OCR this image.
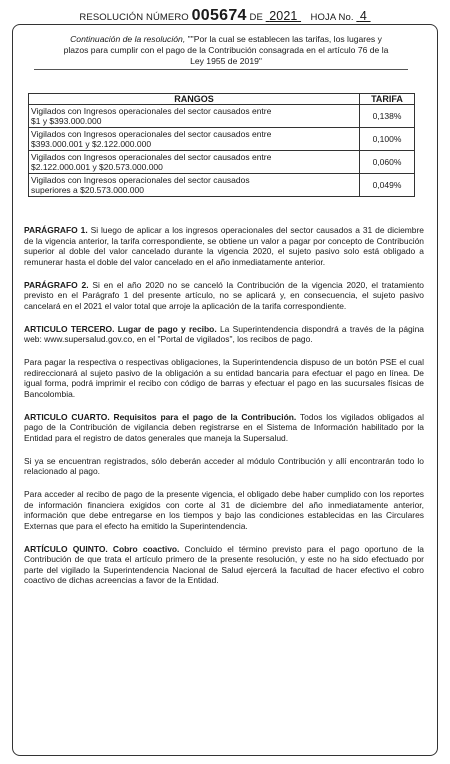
RESOLUCIÓN NÚMERO 005674 DE 2021 HOJA No. 4
Continuación de la resolución, ""Por la cual se establecen las tarifas, los lugares y
plazos para cumplir con el pago de la Contribución consagrada en el artículo 76 de la
Ley 1955 de 2019"
RANGOS	TARIFA
Vigilados con Ingresos operacionales del sector causados entre
$1 y $393.000.000	0,138%
Vigilados con Ingresos operacionales del sector causados entre
$393.000.001 y $2.122.000.000	0,100%
Vigilados con Ingresos operacionales del sector causados entre
$2.122.000.001 y $20.573.000.000	0,060%
Vigilados con Ingresos operacionales del sector causados
superiores a $20.573.000.000	0,049%

PARÁGRAFO 1. Si luego de aplicar a los ingresos operacionales del sector causados a 31 de diciembre de la vigencia anterior, la tarifa correspondiente, se obtiene un valor a pagar por concepto de Contribución superior al doble del valor cancelado durante la vigencia 2020, el sujeto pasivo solo está obligado a remunerar hasta el doble del valor cancelado en el año inmediatamente anterior.

PARÁGRAFO 2. Si en el año 2020 no se canceló la Contribución de la vigencia 2020, el tratamiento previsto en el Parágrafo 1 del presente artículo, no se aplicará y, en consecuencia, el sujeto pasivo cancelará en el 2021 el valor total que arroje la aplicación de la tarifa correspondiente.

ARTICULO TERCERO. Lugar de pago y recibo. La Superintendencia dispondrá a través de la página web: www.supersalud.gov.co, en el "Portal de vigilados", los recibos de pago.

Para pagar la respectiva o respectivas obligaciones, la Superintendencia dispuso de un botón PSE el cual redireccionará al sujeto pasivo de la obligación a su entidad bancaria para efectuar el pago en línea. De igual forma, podrá imprimir el recibo con código de barras y efectuar el pago en las sucursales físicas de Bancolombia.

ARTICULO CUARTO. Requisitos para el pago de la Contribución. Todos los vigilados obligados al pago de la Contribución de vigilancia deben registrarse en el Sistema de Información habilitado por la Entidad para el registro de datos generales que maneja la Supersalud.

Si ya se encuentran registrados, sólo deberán acceder al módulo Contribución y allí encontrarán todo lo relacionado al pago.

Para acceder al recibo de pago de la presente vigencia, el obligado debe haber cumplido con los reportes de información financiera exigidos con corte al 31 de diciembre del año inmediatamente anterior, información que debe entregarse en los tiempos y bajo las condiciones establecidas en las Circulares Externas que para el efecto ha emitido la Superintendencia.

ARTÍCULO QUINTO. Cobro coactivo. Concluido el término previsto para el pago oportuno de la Contribución de que trata el artículo primero de la presente resolución, y este no ha sido efectuado por parte del vigilado la Superintendencia Nacional de Salud ejercerá la facultad de hacer efectivo el cobro coactivo de dichas acreencias a favor de la Entidad.
